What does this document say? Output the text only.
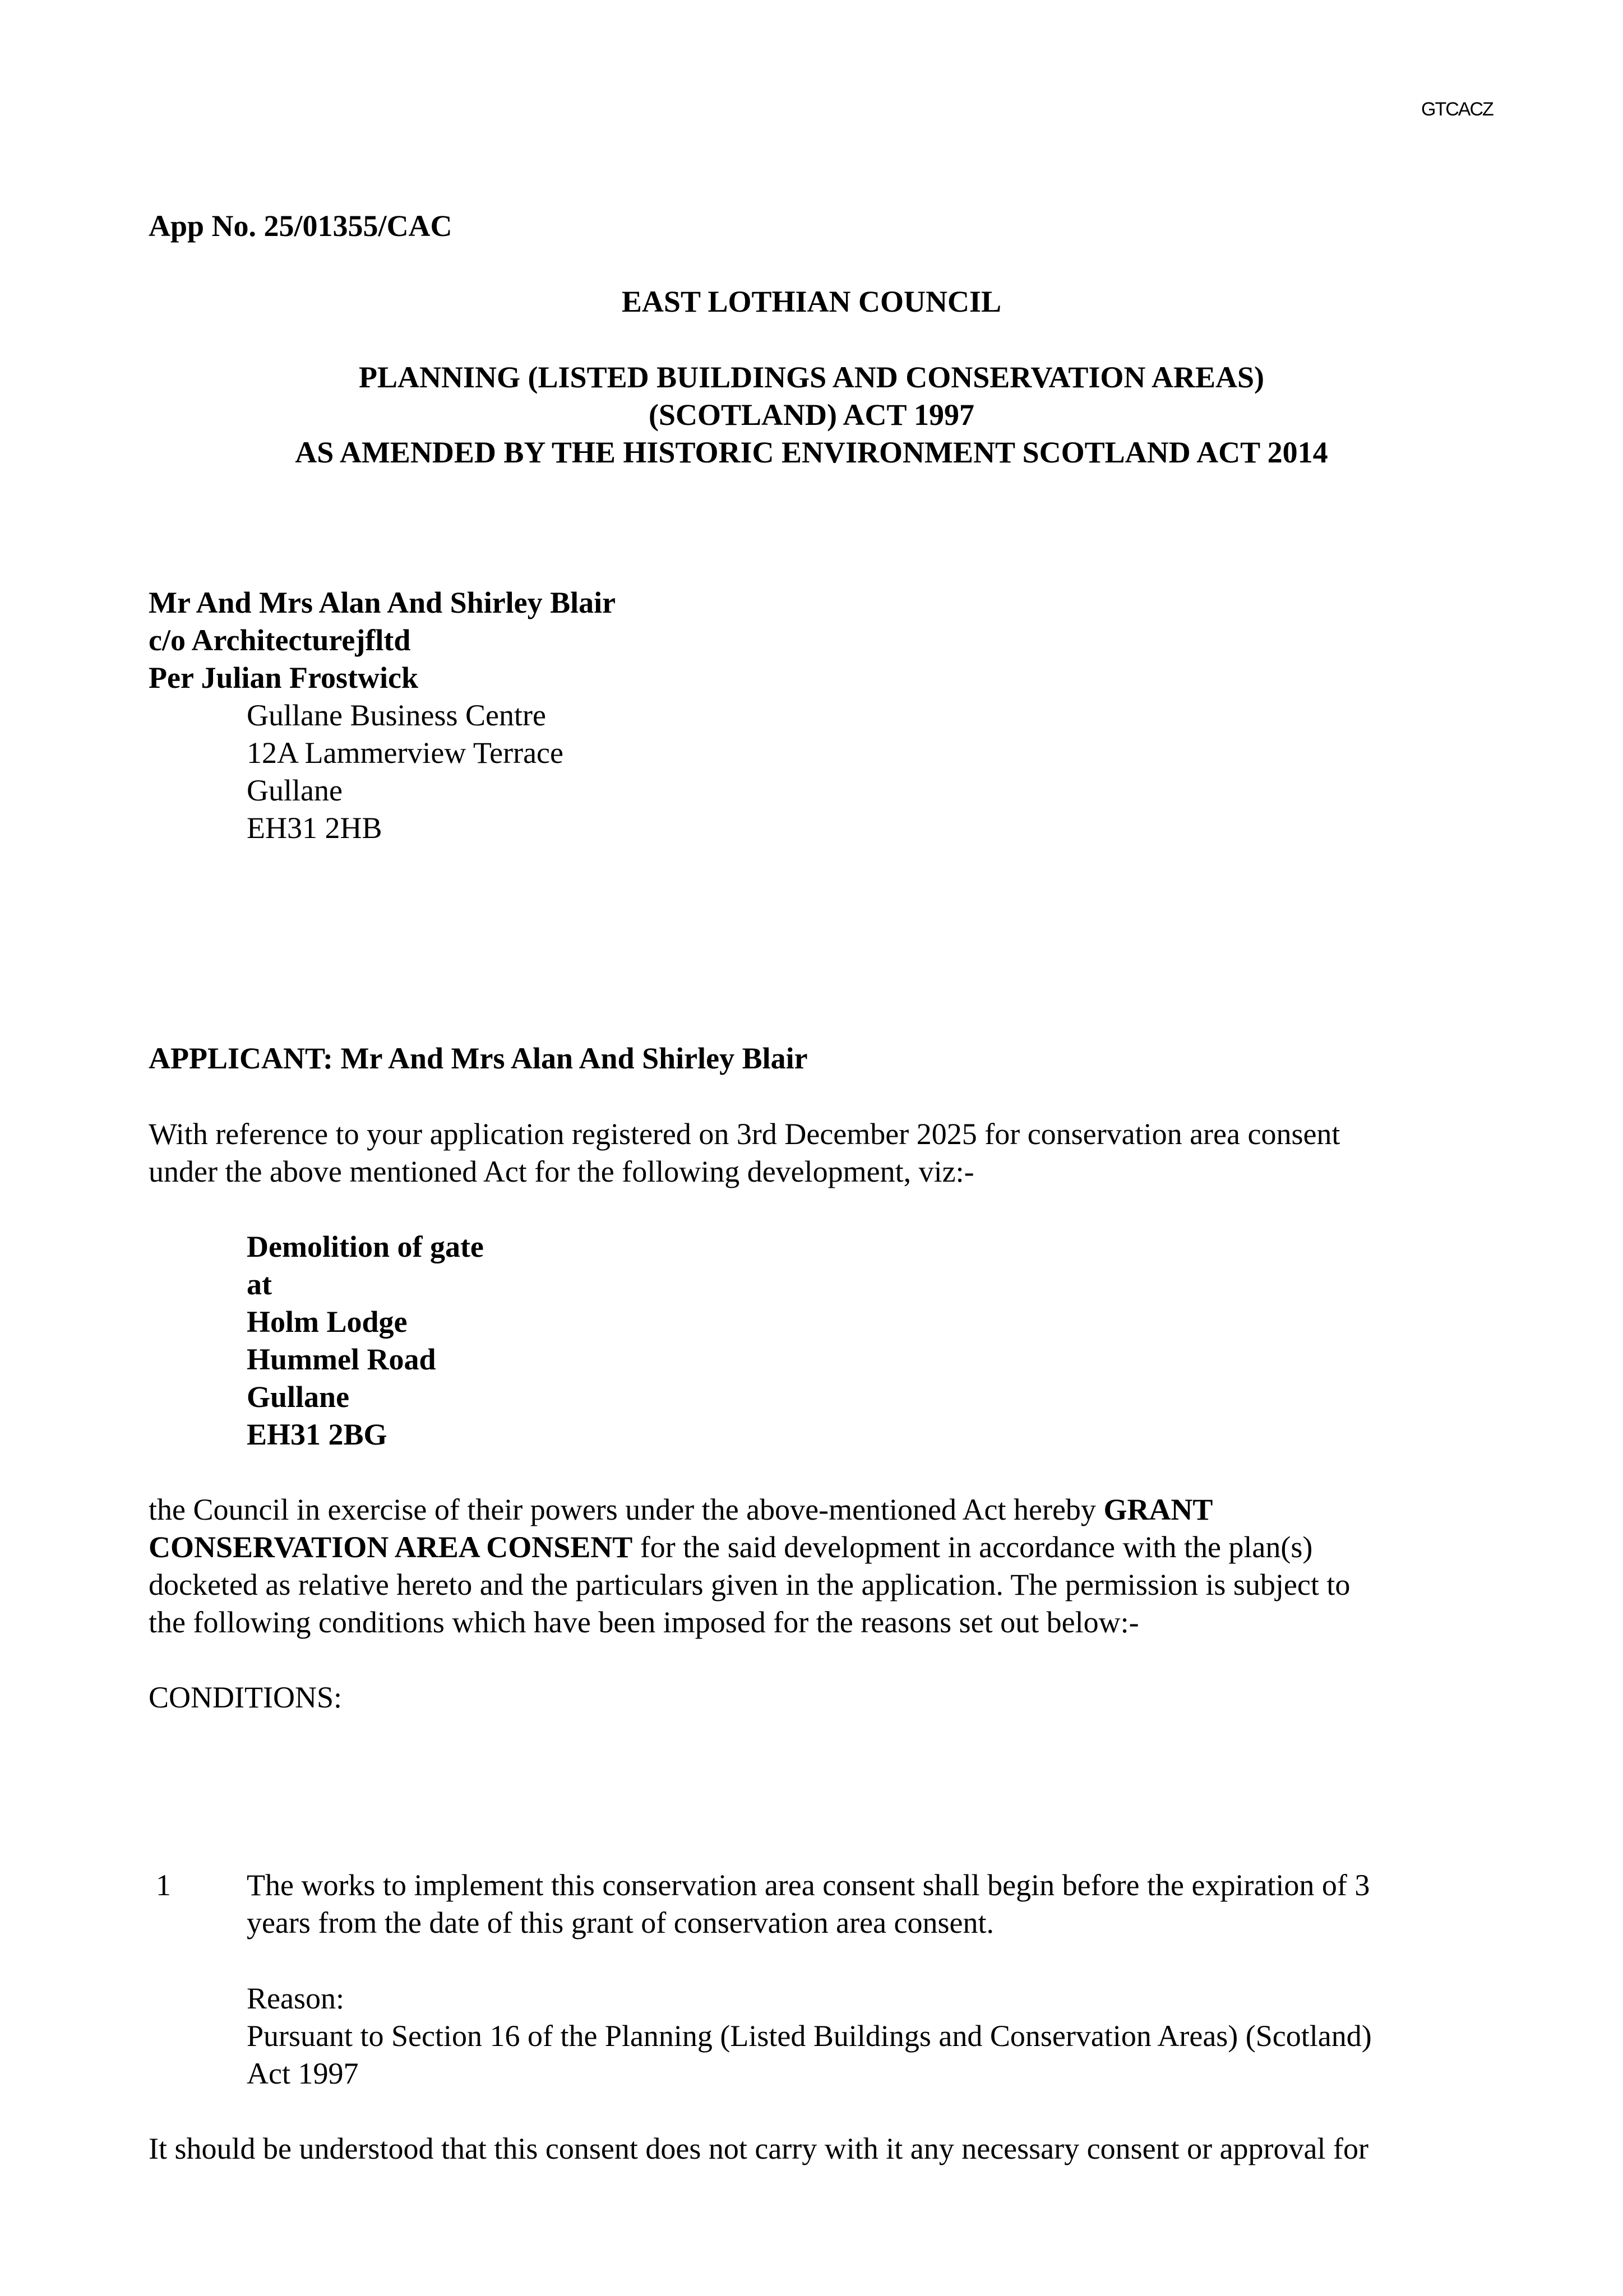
GTCACZ
App No. 25/01355/CAC
EAST LOTHIAN COUNCIL
PLANNING (LISTED BUILDINGS AND CONSERVATION AREAS)
(SCOTLAND) ACT 1997
AS AMENDED BY THE HISTORIC ENVIRONMENT SCOTLAND ACT 2014
Mr And Mrs Alan And Shirley Blair
c/o Architecturejfltd
Per Julian Frostwick
Gullane Business Centre
12A Lammerview Terrace
Gullane
EH31 2HB
APPLICANT: Mr And Mrs Alan And Shirley Blair
With reference to your application registered on 3rd December 2025 for conservation area consent
under the above mentioned Act for the following development, viz:-
Demolition of gate
at
Holm Lodge
Hummel Road
Gullane
EH31 2BG
the Council in exercise of their powers under the above-mentioned Act hereby GRANT
CONSERVATION AREA CONSENT for the said development in accordance with the plan(s)
docketed as relative hereto and the particulars given in the application. The permission is subject to
the following conditions which have been imposed for the reasons set out below:-
CONDITIONS:
1	The works to implement this conservation area consent shall begin before the expiration of 3
years from the date of this grant of conservation area consent.
Reason:
Pursuant to Section 16 of the Planning (Listed Buildings and Conservation Areas) (Scotland)
Act 1997
It should be understood that this consent does not carry with it any necessary consent or approval for
